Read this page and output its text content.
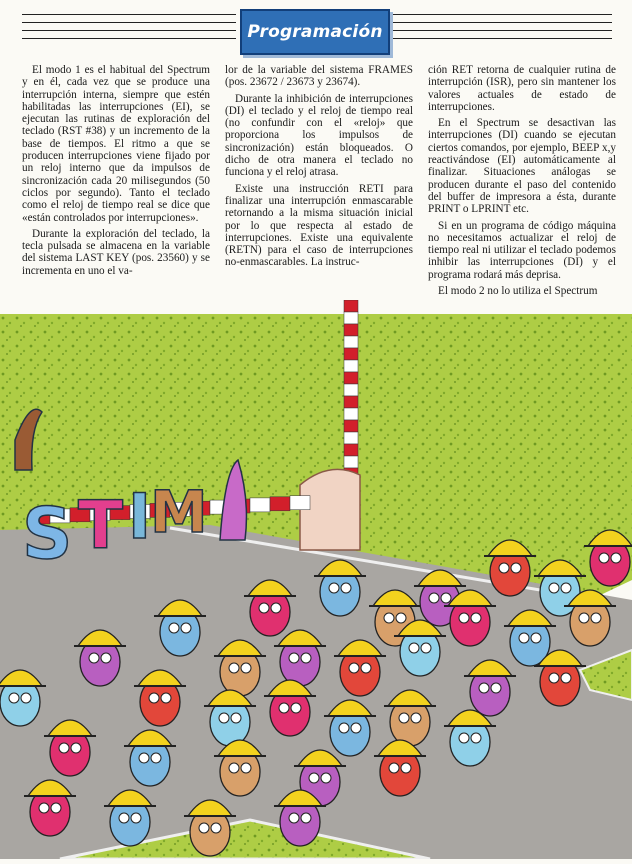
Programación

El modo 1 es el habitual del Spectrum y en él, cada vez que se produce una interrupción interna, siempre que estén habilitadas las interrupciones (EI), se ejecutan las rutinas de exploración del teclado (RST #38) y un incremento de la base de tiempos. El ritmo a que se producen interrupciones viene fijado por un reloj interno que da impulsos de sincronización cada 20 milisegundos (50 ciclos por segundo). Tanto el teclado como el reloj de tiempo real se dice que «están controlados por interrupciones».

Durante la exploración del teclado, la tecla pulsada se almacena en la variable del sistema LAST KEY (pos. 23560) y se incrementa en uno el va-

lor de la variable del sistema FRAMES (pos. 23672 / 23673 y 23674).

Durante la inhibición de interrupciones (DI) el teclado y el reloj de tiempo real (no confundir con el «reloj» que proporciona los impulsos de sincronización) están bloqueados. O dicho de otra manera el teclado no funciona y el reloj atrasa.

Existe una instrucción RETI para finalizar una interrupción enmascarable retornando a la misma situación inicial por lo que respecta al estado de interrupciones. Existe una equivalente (RETN) para el caso de interrupciones no-enmascarables. La instruc-

ción RET retorna de cualquier rutina de interrupción (ISR), pero sin mantener los valores actuales de estado de interrupciones.

En el Spectrum se desactivan las interrupciones (DI) cuando se ejecutan ciertos comandos, por ejemplo, BEEP x,y reactivándose (EI) automáticamente al finalizar. Situaciones análogas se producen durante el paso del contenido del buffer de impresora a ésta, durante PRINT o LPRINT etc.

Si en un programa de código máquina no necesitamos actualizar el reloj de tiempo real ni utilizar el teclado podemos inhibir las interrupciones (DI) y el programa rodará más deprisa.

El modo 2 no lo utiliza el Spectrum

S T I
M
